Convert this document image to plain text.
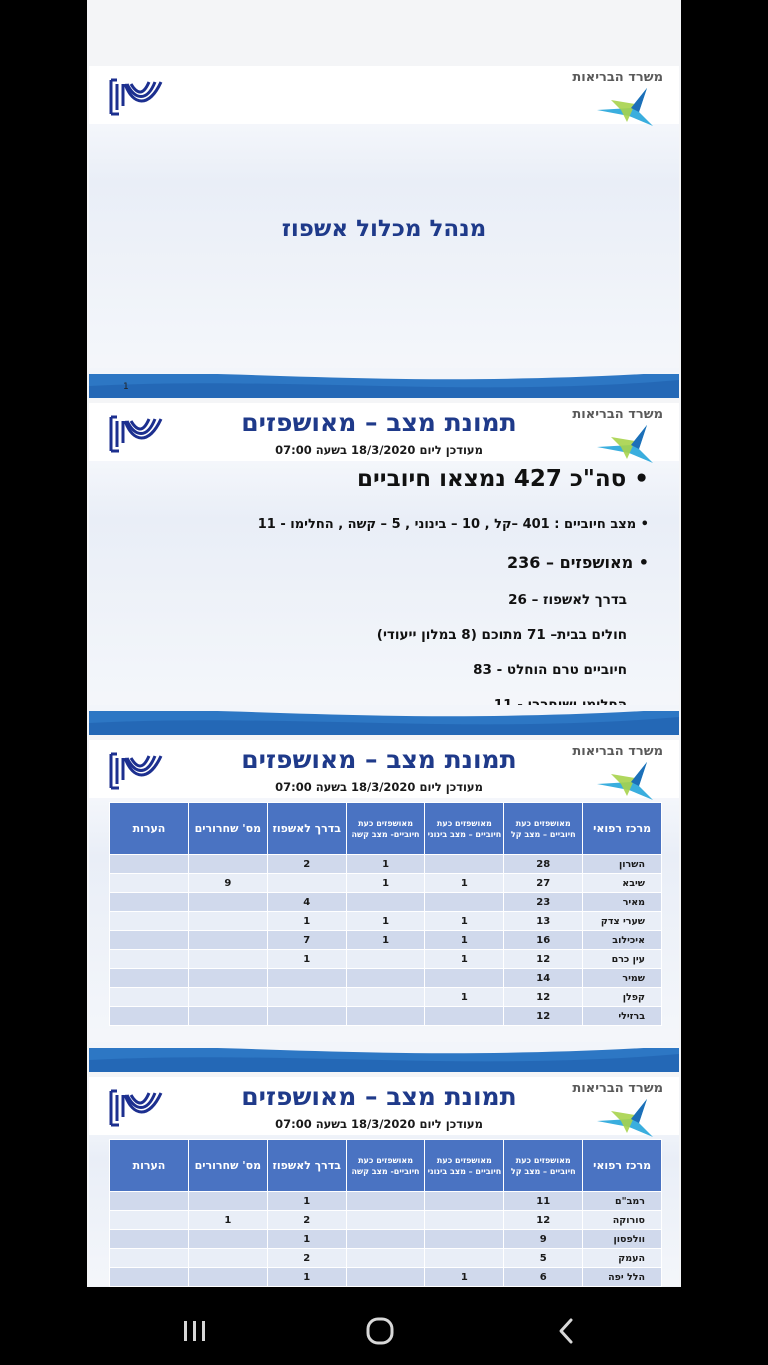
משרד הבריאות
מנהל מכלול אשפוז
1
משרד הבריאות
תמונת מצב – מאושפזים
מעודכן ליום 18/3/2020 בשעה 07:00
• סה"כ 427 נמצאו חיוביים
• מצב חיוביים : 401 –קל , 10 – בינוני , 5 – קשה , החלימו - 11
• מאושפזים – 236
בדרך לאשפוז – 26
חולים בבית– 71 מתוכם (8 במלון ייעודי)
חיוביים טרם הוחלט - 83
משרד הבריאות
תמונת מצב – מאושפזים
מעודכן ליום 18/3/2020 בשעה 07:00
מרכז רפואי	מאושפזים כעת חיוביים – מצב קל	מאושפזים כעת חיוביים – מצב בינוני	מאושפזים כעת חיוביים- מצב קשה	בדרך לאשפוז	מס' שחרורים	הערות
השרון	28		1	2		
שיבא	27	1	1		9	
מאיר	23			4		
שערי צדק	13	1	1	1		
איכילוב	16	1	1	7		
עין כרם	12	1		1		
שמיר	14					
קפלן	12	1				
ברזילי	12					
משרד הבריאות
תמונת מצב – מאושפזים
מעודכן ליום 18/3/2020 בשעה 07:00
מרכז רפואי	מאושפזים כעת חיוביים – מצב קל	מאושפזים כעת חיוביים – מצב בינוני	מאושפזים כעת חיוביים- מצב קשה	בדרך לאשפוז	מס' שחרורים	הערות
רמב"ם	11			1		
סורוקה	12			2	1	
וולפסון	9			1		
העמק	5			2		
הלל יפה	6	1		1		
